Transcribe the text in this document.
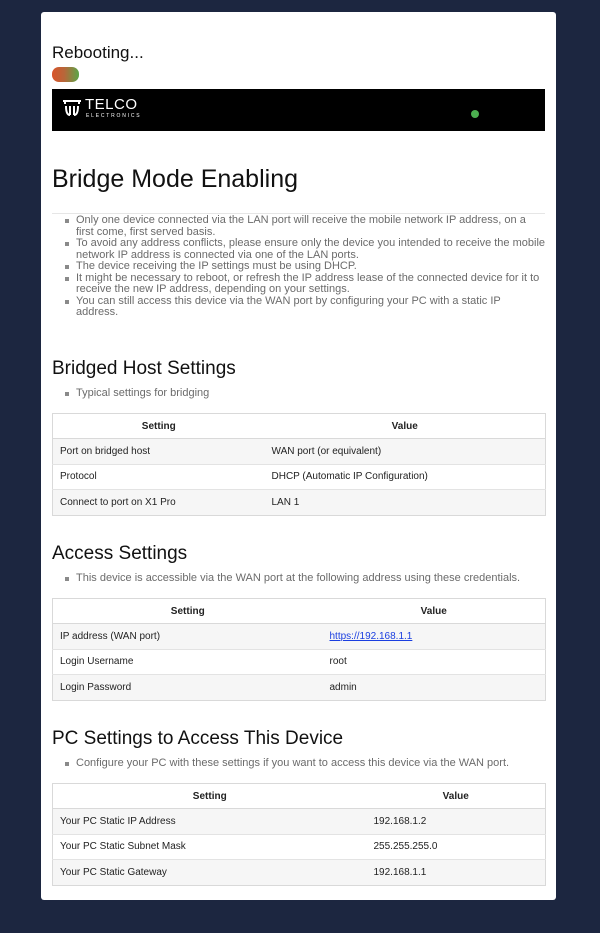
Rebooting...
TELCO
ELECTRONICS
Bridge Mode Enabling
Only one device connected via the LAN port will receive the mobile network IP address, on a first come, first served basis.
To avoid any address conflicts, please ensure only the device you intended to receive the mobile network IP address is connected via one of the LAN ports.
The device receiving the IP settings must be using DHCP.
It might be necessary to reboot, or refresh the IP address lease of the connected device for it to receive the new IP address, depending on your settings.
You can still access this device via the WAN port by configuring your PC with a static IP address.
Bridged Host Settings
Typical settings for bridging
Setting	Value
Port on bridged host	WAN port (or equivalent)
Protocol	DHCP (Automatic IP Configuration)
Connect to port on X1 Pro	LAN 1
Access Settings
This device is accessible via the WAN port at the following address using these credentials.
Setting	Value
IP address (WAN port)	https://192.168.1.1
Login Username	root
Login Password	admin
PC Settings to Access This Device
Configure your PC with these settings if you want to access this device via the WAN port.
Setting	Value
Your PC Static IP Address	192.168.1.2
Your PC Static Subnet Mask	255.255.255.0
Your PC Static Gateway	192.168.1.1
